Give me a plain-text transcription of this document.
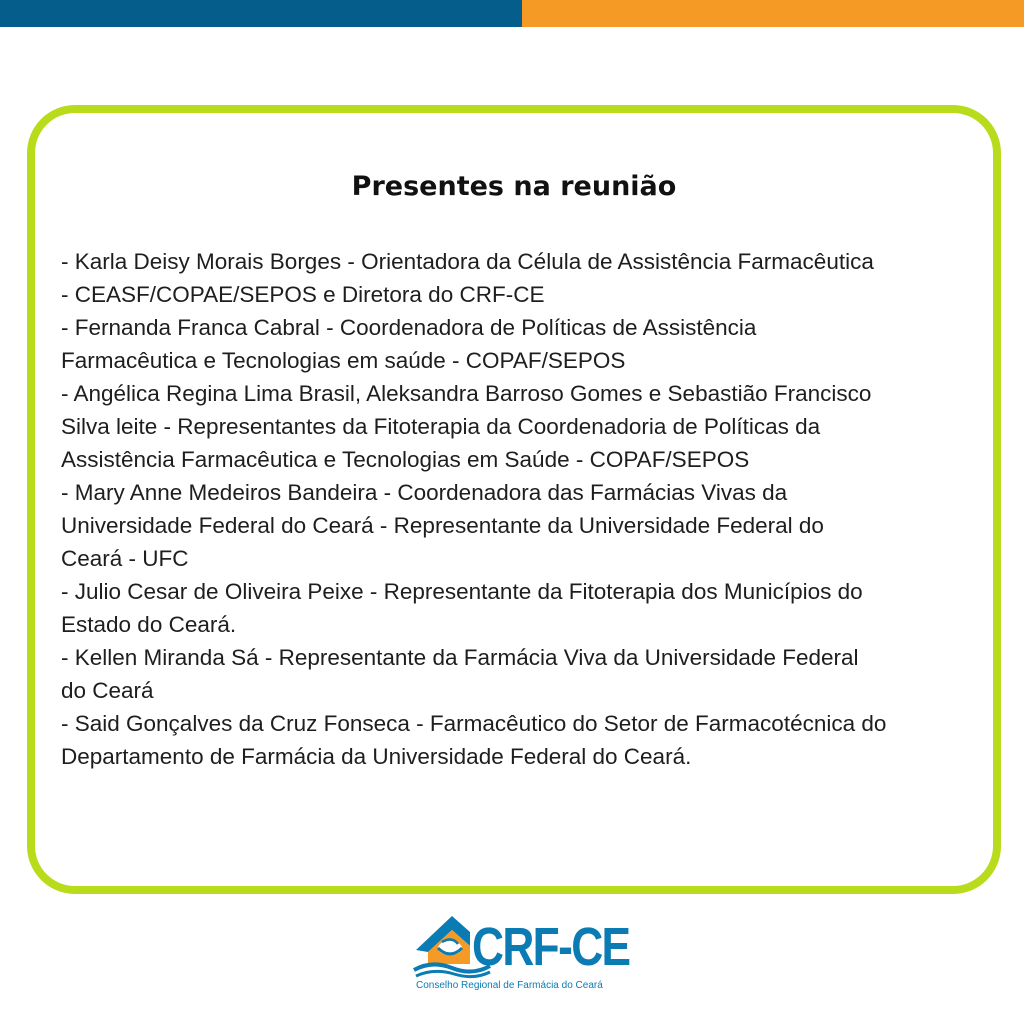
Presentes na reunião
- Karla Deisy Morais Borges - Orientadora da Célula de Assistência Farmacêutica
- CEASF/COPAE/SEPOS e Diretora do CRF-CE
- Fernanda Franca Cabral - Coordenadora de Políticas de Assistência
Farmacêutica e Tecnologias em saúde - COPAF/SEPOS
- Angélica Regina Lima Brasil, Aleksandra Barroso Gomes e Sebastião Francisco
Silva leite - Representantes da Fitoterapia da Coordenadoria de Políticas da
Assistência Farmacêutica e Tecnologias em Saúde - COPAF/SEPOS
- Mary Anne Medeiros Bandeira - Coordenadora das Farmácias Vivas da
Universidade Federal do Ceará - Representante da Universidade Federal do
Ceará - UFC
- Julio Cesar de Oliveira Peixe - Representante da Fitoterapia dos Municípios do
Estado do Ceará.
- Kellen Miranda Sá - Representante da Farmácia Viva da Universidade Federal
do Ceará
- Said Gonçalves da Cruz Fonseca - Farmacêutico do Setor de Farmacotécnica do
Departamento de Farmácia da Universidade Federal do Ceará.
CRF-CE
Conselho Regional de Farmácia do Ceará
